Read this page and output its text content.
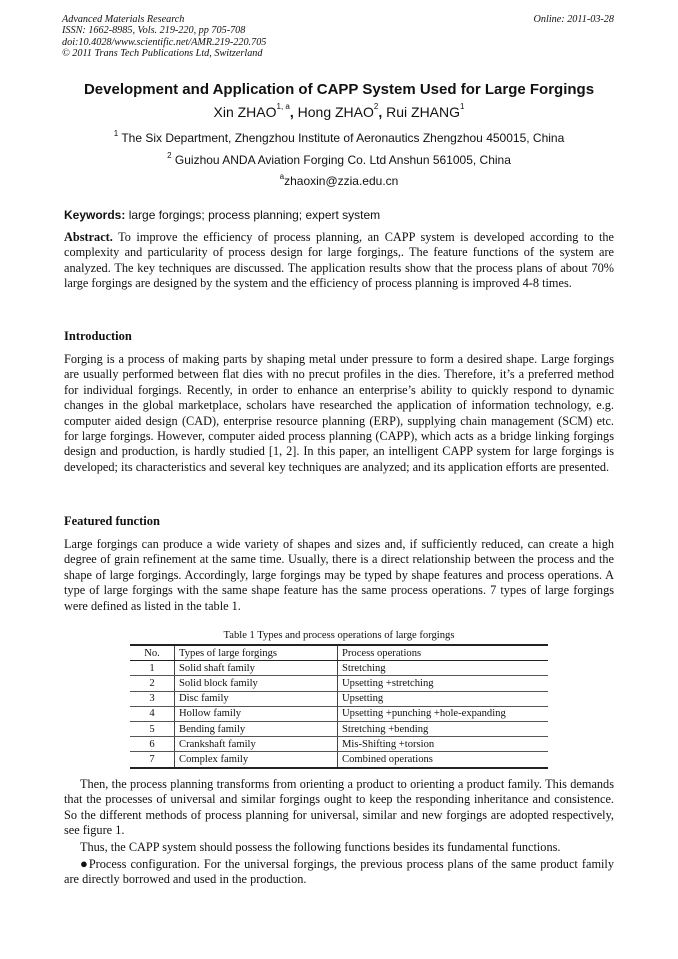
Advanced Materials Research
ISSN: 1662-8985, Vols. 219-220, pp 705-708
doi:10.4028/www.scientific.net/AMR.219-220.705
© 2011 Trans Tech Publications Ltd, Switzerland
Online: 2011-03-28
Development and Application of CAPP System Used for Large Forgings
Xin ZHAO$^{1, a}$, Hong ZHAO$^2$, Rui ZHANG$^1$
$^1$ The Six Department, Zhengzhou Institute of Aeronautics Zhengzhou 450015, China
$^2$ Guizhou ANDA Aviation Forging Co. Ltd Anshun 561005, China
$^a$zhaoxin@zzia.edu.cn
Keywords: large forgings; process planning; expert system
Abstract. To improve the efficiency of process planning, an CAPP system is developed according to the complexity and particularity of process design for large forgings,. The feature functions of the system are analyzed. The key techniques are discussed. The application results show that the process plans of about 70% large forgings are designed by the system and the efficiency of process planning is improved 4-8 times.
Introduction
Forging is a process of making parts by shaping metal under pressure to form a desired shape. Large forgings are usually performed between flat dies with no precut profiles in the dies. Therefore, it’s a preferred method for individual forgings. Recently, in order to enhance an enterprise’s ability to quickly respond to dynamic changes in the global marketplace, scholars have researched the application of information technology, e.g. computer aided design (CAD), enterprise resource planning (ERP), supplying chain management (SCM) etc. for large forgings. However, computer aided process planning (CAPP), which acts as a bridge linking forgings design and production, is hardly studied [1, 2]. In this paper, an intelligent CAPP system for large forgings is developed; its characteristics and several key techniques are analyzed; and its application efforts are presented.
Featured function
Large forgings can produce a wide variety of shapes and sizes and, if sufficiently reduced, can create a high degree of grain refinement at the same time. Usually, there is a direct relationship between the process and the shape of large forgings. Accordingly, large forgings may be typed by shape features and process operations. A type of large forgings with the same shape feature has the same process operations. 7 types of large forgings were defined as listed in the table 1.
Table 1 Types and process operations of large forgings
No.	Types of large forgings	Process operations
1	Solid shaft family	Stretching
2	Solid block family	Upsetting +stretching
3	Disc family	Upsetting
4	Hollow family	Upsetting +punching +hole-expanding
5	Bending family	Stretching +bending
6	Crankshaft family	Mis-Shifting +torsion
7	Complex family	Combined operations
Then, the process planning transforms from orienting a product to orienting a product family. This demands that the processes of universal and similar forgings ought to keep the responding inheritance and consistence. So the different methods of process planning for universal, similar and new forgings are adopted respectively, see figure 1.
Thus, the CAPP system should possess the following functions besides its fundamental functions.
●Process configuration. For the universal forgings, the previous process plans of the same product family are directly borrowed and used in the production.
